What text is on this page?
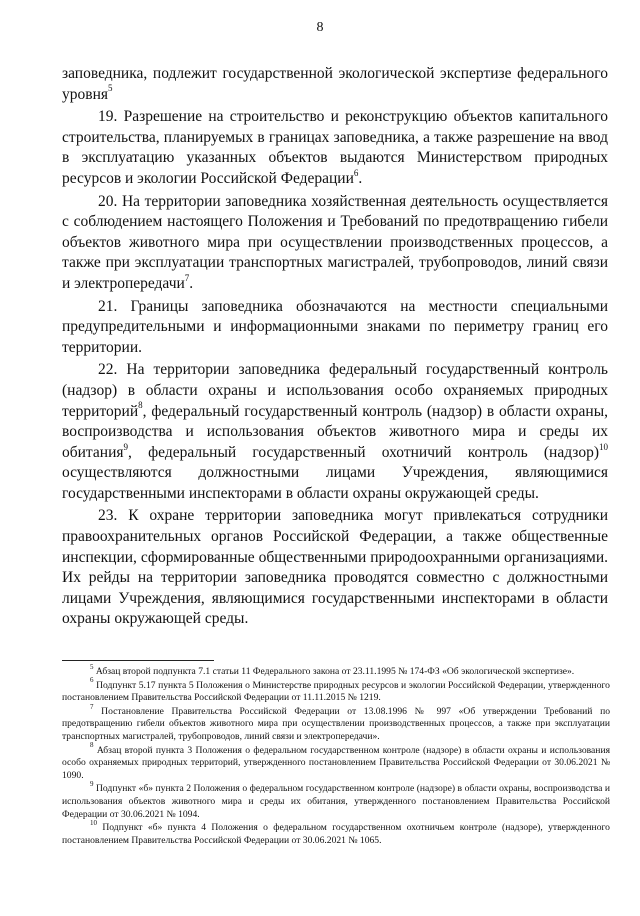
8

заповедника, подлежит государственной экологической экспертизе федерального уровня$^5$

19. Разрешение на строительство и реконструкцию объектов капитального строительства, планируемых в границах заповедника, а также разрешение на ввод в эксплуатацию указанных объектов выдаются Министерством природных ресурсов и экологии Российской Федерации$^6$.

20. На территории заповедника хозяйственная деятельность осуществляется с соблюдением настоящего Положения и Требований по предотвращению гибели объектов животного мира при осуществлении производственных процессов, а также при эксплуатации транспортных магистралей, трубопроводов, линий связи и электропередачи$^7$.

21. Границы заповедника обозначаются на местности специальными предупредительными и информационными знаками по периметру границ его территории.

22. На территории заповедника федеральный государственный контроль (надзор) в области охраны и использования особо охраняемых природных территорий$^8$, федеральный государственный контроль (надзор) в области охраны, воспроизводства и использования объектов животного мира и среды их обитания$^9$, федеральный государственный охотничий контроль (надзор)$^{10}$ осуществляются должностными лицами Учреждения, являющимися государственными инспекторами в области охраны окружающей среды.

23. К охране территории заповедника могут привлекаться сотрудники правоохранительных органов Российской Федерации, а также общественные инспекции, сформированные общественными природоохранными организациями. Их рейды на территории заповедника проводятся совместно с должностными лицами Учреждения, являющимися государственными инспекторами в области охраны окружающей среды.

$^5$ Абзац второй подпункта 7.1 статьи 11 Федерального закона от 23.11.1995 № 174-ФЗ «Об экологической экспертизе».

$^6$ Подпункт 5.17 пункта 5 Положения о Министерстве природных ресурсов и экологии Российской Федерации, утвержденного постановлением Правительства Российской Федерации от 11.11.2015 № 1219.

$^7$ Постановление Правительства Российской Федерации от 13.08.1996 № 997 «Об утверждении Требований по предотвращению гибели объектов животного мира при осуществлении производственных процессов, а также при эксплуатации транспортных магистралей, трубопроводов, линий связи и электропередачи».

$^8$ Абзац второй пункта 3 Положения о федеральном государственном контроле (надзоре) в области охраны и использования особо охраняемых природных территорий, утвержденного постановлением Правительства Российской Федерации от 30.06.2021 № 1090.

$^9$ Подпункт «б» пункта 2 Положения о федеральном государственном контроле (надзоре) в области охраны, воспроизводства и использования объектов животного мира и среды их обитания, утвержденного постановлением Правительства Российской Федерации от 30.06.2021 № 1094.

$^{10}$ Подпункт «б» пункта 4 Положения о федеральном государственном охотничьем контроле (надзоре), утвержденного постановлением Правительства Российской Федерации от 30.06.2021 № 1065.
